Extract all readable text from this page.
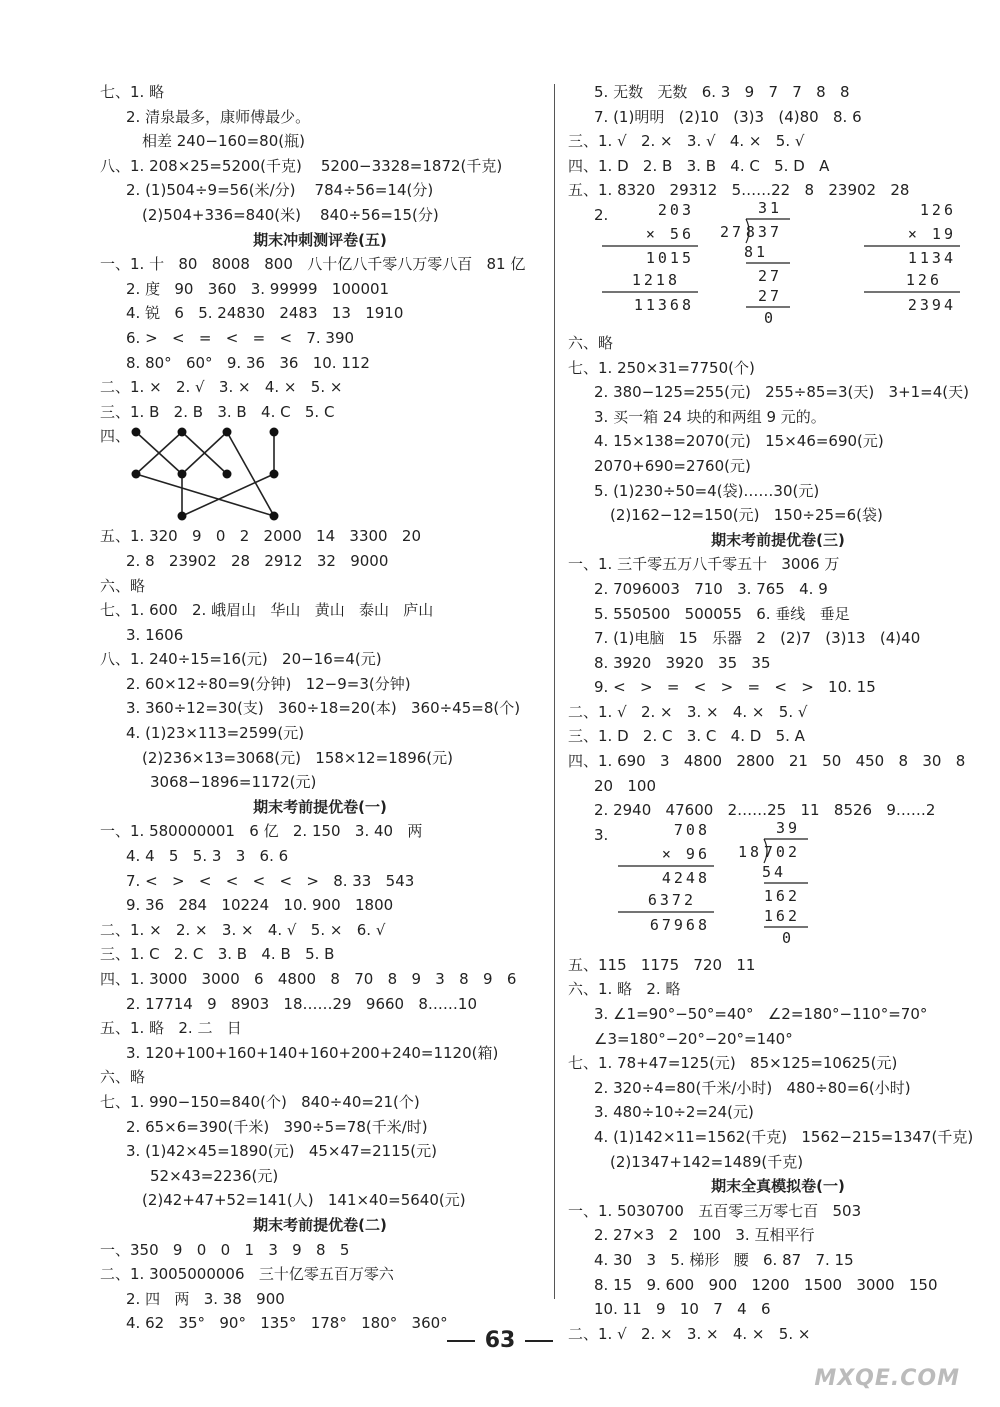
七、1. 略
2. 清泉最多，康师傅最少。
相差 240−160=80(瓶)
八、1. 208×25=5200(千克)    5200−3328=1872(千克)
2. (1)504÷9=56(米/分)    784÷56=14(分)
(2)504+336=840(米)    840÷56=15(分)
期末冲刺测评卷(五)
一、1. 十   80   8008   800   八十亿八千零八万零八百   81 亿
2. 度   90   360   3. 99999   100001
4. 锐   6   5. 24830   2483   13   1910
6. >   <   =   <   =   <   7. 390
8. 80°   60°   9. 36   36   10. 112
二、1. ×   2. √   3. ×   4. ×   5. ×
三、1. B   2. B   3. B   4. C   5. C
四、
五、1. 320   9   0   2   2000   14   3300   20
2. 8   23902   28   2912   32   9000
六、略
七、1. 600   2. 峨眉山   华山   黄山   泰山   庐山
3. 1606
八、1. 240÷15=16(元)   20−16=4(元)
2. 60×12÷80=9(分钟)   12−9=3(分钟)
3. 360÷12=30(支)   360÷18=20(本)   360÷45=8(个)
4. (1)23×113=2599(元)
(2)236×13=3068(元)   158×12=1896(元)
3068−1896=1172(元)
期末考前提优卷(一)
一、1. 580000001   6 亿   2. 150   3. 40   两
4. 4   5   5. 3   3   6. 6
7. <   >   <   <   <   <   >   8. 33   543
9. 36   284   10224   10. 900   1800
二、1. ×   2. ×   3. ×   4. √   5. ×   6. √
三、1. C   2. C   3. B   4. B   5. B
四、1. 3000   3000   6   4800   8   70   8   9   3   8   9   6
2. 17714   9   8903   18……29   9660   8……10
五、1. 略   2. 二   日
3. 120+100+160+140+160+200+240=1120(箱)
六、略
七、1. 990−150=840(个)   840÷40=21(个)
2. 65×6=390(千米)   390÷5=78(千米/时)
3. (1)42×45=1890(元)   45×47=2115(元)
52×43=2236(元)
(2)42+47+52=141(人)   141×40=5640(元)
期末考前提优卷(二)
一、350   9   0   0   1   3   9   8   5
二、1. 3005000006   三十亿零五百万零六
2. 四   两   3. 38   900
4. 62   35°   90°   135°   178°   180°   360°
5. 无数   无数   6. 3   9   7   7   8   8
7. (1)明明   (2)10   (3)3   (4)80   8. 6
三、1. √   2. ×   3. √   4. ×   5. √
四、1. D   2. B   3. B   4. C   5. D   A
五、1. 8320   29312   5……22   8   23902   28
2.	203
× 56
1015
1218
11368
31
27 837
81
27
27
0
126
× 19
1134
126
2394
六、略
七、1. 250×31=7750(个)
2. 380−125=255(元)   255÷85=3(天)   3+1=4(天)
3. 买一箱 24 块的和两组 9 元的。
4. 15×138=2070(元)   15×46=690(元)
2070+690=2760(元)
5. (1)230÷50=4(袋)……30(元)
(2)162−12=150(元)   150÷25=6(袋)
期末考前提优卷(三)
一、1. 三千零五万八千零五十   3006 万
2. 7096003   710   3. 765   4. 9
5. 550500   500055   6. 垂线   垂足
7. (1)电脑   15   乐器   2   (2)7   (3)13   (4)40
8. 3920   3920   35   35
9. <   >   =   <   >   =   <   >   10. 15
二、1. √   2. ×   3. ×   4. ×   5. √
三、1. D   2. C   3. C   4. D   5. A
四、1. 690   3   4800   2800   21   50   450   8   30   8
20   100
2. 2940   47600   2……25   11   8526   9……2
3.	708
× 96
4248
6372
67968
39
18 702
54
162
162
0
五、115   1175   720   11
六、1. 略   2. 略
3. ∠1=90°−50°=40°   ∠2=180°−110°=70°
∠3=180°−20°−20°=140°
七、1. 78+47=125(元)   85×125=10625(元)
2. 320÷4=80(千米/小时)   480÷80=6(小时)
3. 480÷10÷2=24(元)
4. (1)142×11=1562(千克)   1562−215=1347(千克)
(2)1347+142=1489(千克)
期末全真模拟卷(一)
一、1. 5030700   五百零三万零七百   503
2. 27×3   2   100   3. 互相平行
4. 30   3   5. 梯形   腰   6. 87   7. 15
8. 15   9. 600   900   1200   1500   3000   150
10. 11   9   10   7   4   6
二、1. √   2. ×   3. ×   4. ×   5. ×
63
MXQE.COM
